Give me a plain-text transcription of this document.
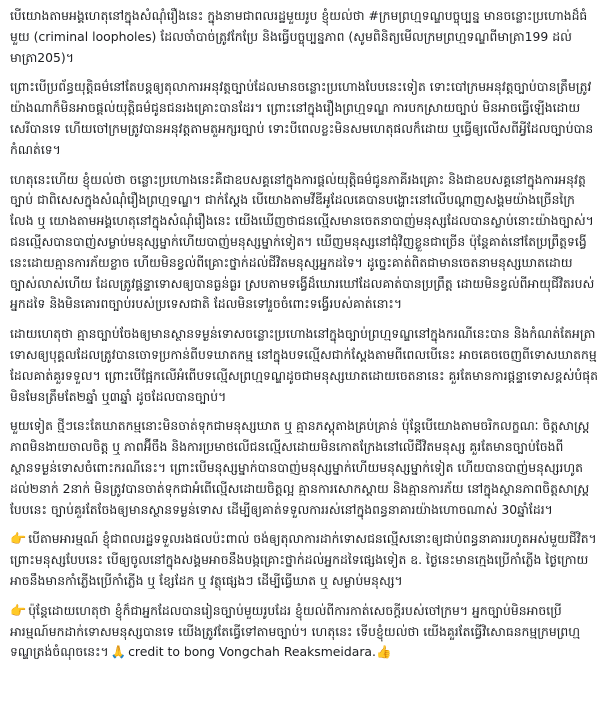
បើយោងតាមអង្គហេតុនៅក្នុងសំណុំរឿងនេះ ក្នុងនាមជាពលរដ្ឋមួយរូប ខ្ញុំយល់ថា #ក្រមព្រហ្មទណ្ឌបច្ចុប្បន្ន មានចន្លោះប្រហោងដ៏ធំមួយ (criminal loopholes) ដែលចាំបាច់ត្រូវកែប្រែ និងធ្វើបច្ចុប្បន្នភាព (សូមពិនិត្យមើលក្រមព្រហ្មទណ្ឌពីមាត្រា199 ដល់មាត្រា205)។

ព្រោះបើប្រព័ន្ធយុត្តិធម៌នៅតែបន្តឲ្យតុលាការអនុវត្តច្បាប់ដែលមានចន្លោះប្រហោងបែបនេះទៀត ទោះបៅក្រមអនុវត្តច្បាប់បានត្រឹមត្រូវយ៉ាងណាក៏មិនអាចផ្តល់យុត្តិធម៌ជូនជនរងគ្រោះបានដែរ។ ព្រោះនៅក្នុងរឿងព្រហ្មទណ្ឌ ការបកស្រាយច្បាប់ មិនអាចធ្វើឡើងដោយសេរីបានទេ ហើយចៅក្រមត្រូវបានអនុវត្តតាមតួអក្សរច្បាប់ ទោះបីពេលខ្លះមិនសមហេតុផលក៏ដោយ ឬធ្វើឲ្យលើសពីអ្វីដែលច្បាប់បានកំណត់ទេ។

ហេតុនេះហើយ ខ្ញុំយល់ថា ចន្លោះប្រហោងនេះគឺជាឧបសគ្គនៅក្នុងការផ្តល់យុត្តិធម៌ជូនភាគីរងគ្រោះ និងជាឧបសគ្គនៅក្នុងការអនុវត្តច្បាប់ ជាពិសេសក្នុងសំណុំរឿងព្រហ្មទណ្ឌ។ ជាក់ស្តែង បើយោងតាមវីឌីអូដែលគេបានបង្ហោះនៅលើបណ្តាញសង្គមយ៉ាងច្រើនក្រៃលែង ឬ យោងតាមអង្គហេតុនៅក្នុងសំណុំរឿងនេះ យើងឃើញថាជនល្មើសមានចេតនាបាញ់មនុស្សដែលបានស្លាប់នោះយ៉ាងច្បាស់។ ជនល្មើសបានបាញ់សម្លាប់មនុស្សម្នាក់ហើយបាញ់មនុស្សម្នាក់ទៀត។ ឃើញមនុស្សនៅជុំវិញខ្លួនជាច្រើន ប៉ុន្តែគាត់នៅតែប្រព្រឹត្តទង្វើនេះដោយគ្មានការភ័យខ្លាច ហើយមិនខ្វល់ពីគ្រោះថ្នាក់ដល់ជីវិតមនុស្សអ្នកដទៃ។ ដូច្នេះគាត់ពិតជាមានចេតនាមនុស្សឃាតដោយច្បាស់លាស់ហើយ ដែលត្រូវផ្តន្ទាទោសឲ្យបានធ្ងន់ធ្ងរ ស្របតាមទង្វើដ៏ឃោរឃៅដែលគាត់បានប្រព្រឹត្ត ដោយមិនខ្វល់ពីអាយុជីវិតរបស់អ្នកដទៃ និងមិនគោរពច្បាប់របស់ប្រទេសជាតិ ដែលមិនទៅរួចចំពោះទង្វើរបស់គាត់នោះ។

ដោយហេតុថា គ្មានច្បាប់ចែងឲ្យមានស្ថានទម្ងន់ទោសចន្លោះប្រហោងនៅក្នុងច្បាប់ព្រហ្មទណ្ឌនៅក្នុងករណីនេះបាន និងកំណត់តែអត្រាទោសឲ្យបុគ្គលដែលត្រូវបានចោទប្រកាន់ពីបទឃាតកម្ម នៅក្នុងបទល្មើសជាក់ស្តែងតាមពីពេលបើនេះ អាចគេចចេញពីទោសឃាតកម្មដែលគាត់គួរទទួល។ ព្រោះបើផ្អែកលើអំពើបទល្មើសព្រហ្មទណ្ឌដូចជាមនុស្សឃាតដោយចេតនានេះ គួរតែមានការផ្តន្ទាទោសខ្ពស់បំផុត មិនមែនត្រឹមតែ២ឆ្នាំ ឬ៣ឆ្នាំ ដូចដែលបានច្បាប់។

មួយទៀត ថ្មីៗនេះតែឃាតកម្មនោះមិនចាត់ទុកជាមនុស្សឃាត ឬ គ្មានភស្តុតាងគ្រប់គ្រាន់ ប៉ុន្តែបើយោងតាមចរិកលក្ខណៈ ចិត្តសាស្ត្រ ភាពមិនងាយចាលចិត្ត ឬ ភាពអ៊ីចឹង និងការប្រមាថលើជនល្មើសដោយមិនកោតក្រែងនៅលើជីវិតមនុស្ស គួរតែមានច្បាប់ចែងពីស្ថានទម្ងន់ទោសចំពោះករណីនេះ។ ព្រោះបើមនុស្សម្នាក់បានបាញ់មនុស្សម្នាក់ហើយមនុស្សម្នាក់ទៀត ហើយបានបាញ់មនុស្សរហូតដល់២នាក់ 2នាក់ មិនត្រូវបានចាត់ទុកជាអំពើល្មើសដោយចិត្តល្អ គ្មានការសោកស្តាយ និងគ្មានការភ័យ នៅក្នុងស្ថានភាពចិត្តសាស្ត្របែបនេះ ច្បាប់គួរតែចែងឲ្យមានស្ថានទម្ងន់ទោស ដើម្បីឲ្យគាត់ទទួលការរស់នៅក្នុងពន្ធនាគារយ៉ាងហោចណាស់ 30ឆ្នាំដែរ។

👉 បើតាមអារម្មណ៍ ខ្ញុំជាពលរដ្ឋទទួលរងផលប៉ះពាល់ ចង់ឲ្យតុលាការដាក់ទោសជនល្មើសនោះឲ្យជាប់ពន្ធនាគាររហូតអស់មួយជីវិត។ ព្រោះមនុស្សបែបនេះ បើឲ្យចូលនៅក្នុងសង្គមអាចនឹងបង្កគ្រោះថ្នាក់ដល់អ្នកដទៃផ្សេងទៀត ឧ. ថ្ងៃនេះមានក្មេងប្រើកាំភ្លើង ថ្ងៃក្រោយអាចនឹងមានកាំភ្លើងប្រើកាំភ្លើង ឬ ខ្សែដែក ឬ វត្ថុផ្សេងៗ ដើម្បីធ្វើឃាត ឬ សម្លាប់មនុស្ស។

👉 ប៉ុន្តែដោយហេតុថា ខ្ញុំក៏ជាអ្នកដែលបានរៀនច្បាប់មួយរូបដែរ ខ្ញុំយល់ពីការកាត់សេចក្តីរបស់ចៅក្រម។ អ្នកច្បាប់មិនអាចប្រើអារម្មណ៍មកដាក់ទោសមនុស្សបានទេ យើងត្រូវតែធ្វើទៅតាមច្បាប់។ ហេតុនេះ ទើបខ្ញុំយល់ថា យើងគួរតែធ្វើវិសោធនកម្មក្រមព្រហ្មទណ្ឌត្រង់ចំណុចនេះ។ 🙏 credit to bong Vongchah Reaksmeidara.👍
